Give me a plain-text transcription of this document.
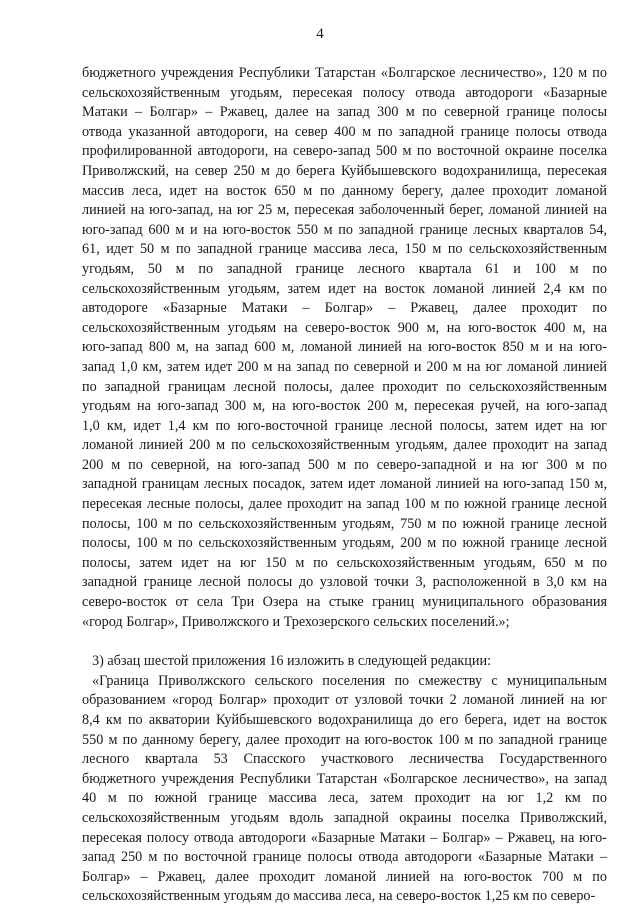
4
бюджетного учреждения Республики Татарстан «Болгарское лесничество», 120 м по
сельскохозяйственным угодьям, пересекая полосу отвода автодороги «Базарные
Матаки – Болгар» – Ржавец, далее на запад 300 м по северной границе полосы
отвода указанной автодороги, на север 400 м по западной границе полосы отвода
профилированной автодороги, на северо-запад 500 м по восточной окраине поселка
Приволжский, на север 250 м до берега Куйбышевского водохранилища, пересекая
массив леса, идет на восток 650 м по данному берегу, далее проходит ломаной
линией на юго-запад, на юг 25 м, пересекая заболоченный берег, ломаной линией на
юго-запад 600 м и на юго-восток 550 м по западной границе лесных кварталов 54,
61, идет 50 м по западной границе массива леса, 150 м по сельскохозяйственным
угодьям, 50 м по западной границе лесного квартала 61 и 100 м по
сельскохозяйственным угодьям, затем идет на восток ломаной линией 2,4 км по
автодороге «Базарные Матаки – Болгар» – Ржавец, далее проходит по
сельскохозяйственным угодьям на северо-восток 900 м, на юго-восток 400 м, на
юго-запад 800 м, на запад 600 м, ломаной линией на юго-восток 850 м и на юго-
запад 1,0 км, затем идет 200 м на запад по северной и 200 м на юг ломаной линией
по западной границам лесной полосы, далее проходит по сельскохозяйственным
угодьям на юго-запад 300 м, на юго-восток 200 м, пересекая ручей, на юго-запад
1,0 км, идет 1,4 км по юго-восточной границе лесной полосы, затем идет на юг
ломаной линией 200 м по сельскохозяйственным угодьям, далее проходит на запад
200 м по северной, на юго-запад 500 м по северо-западной и на юг 300 м по
западной границам лесных посадок, затем идет ломаной линией на юго-запад 150 м,
пересекая лесные полосы, далее проходит на запад 100 м по южной границе лесной
полосы, 100 м по сельскохозяйственным угодьям, 750 м по южной границе лесной
полосы, 100 м по сельскохозяйственным угодьям, 200 м по южной границе лесной
полосы, затем идет на юг 150 м по сельскохозяйственным угодьям, 650 м по
западной границе лесной полосы до узловой точки 3, расположенной в 3,0 км на
северо-восток от села Три Озера на стыке границ муниципального образования
«город Болгар», Приволжского и Трехозерского сельских поселений.»;
3) абзац шестой приложения 16 изложить в следующей редакции:
«Граница Приволжского сельского поселения по смежеству с муниципальным
образованием «город Болгар» проходит от узловой точки 2 ломаной линией на юг
8,4 км по акватории Куйбышевского водохранилища до его берега, идет на восток
550 м по данному берегу, далее проходит на юго-восток 100 м по западной границе
лесного квартала 53 Спасского участкового лесничества Государственного
бюджетного учреждения Республики Татарстан «Болгарское лесничество», на запад
40 м по южной границе массива леса, затем проходит на юг 1,2 км по
сельскохозяйственным угодьям вдоль западной окраины поселка Приволжский,
пересекая полосу отвода автодороги «Базарные Матаки – Болгар» – Ржавец, на юго-
запад 250 м по восточной границе полосы отвода автодороги «Базарные Матаки –
Болгар» – Ржавец, далее проходит ломаной линией на юго-восток 700 м по
сельскохозяйственным угодьям до массива леса, на северо-восток 1,25 км по северо-
